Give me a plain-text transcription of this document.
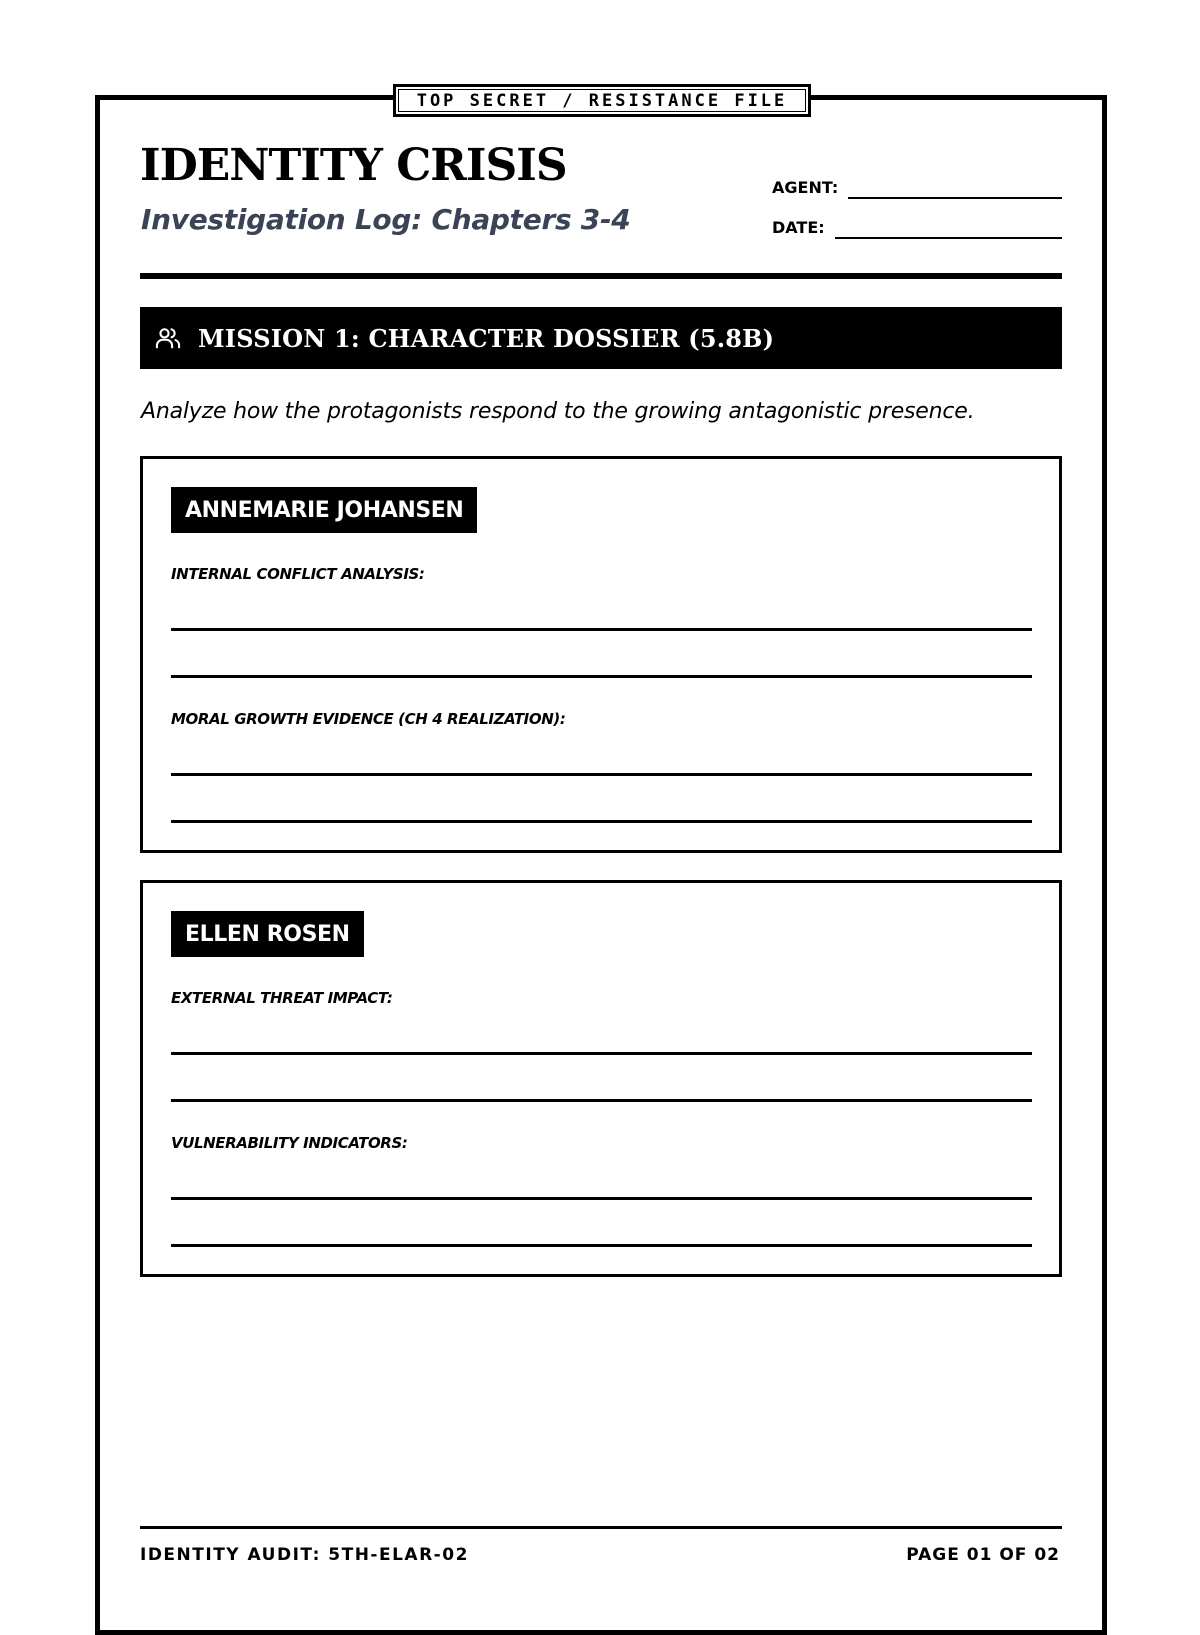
TOP SECRET / RESISTANCE FILE
IDENTITY CRISIS
Investigation Log: Chapters 3-4
AGENT:
DATE:
MISSION 1: CHARACTER DOSSIER (5.8B)
Analyze how the protagonists respond to the growing antagonistic presence.
ANNEMARIE JOHANSEN
INTERNAL CONFLICT ANALYSIS:
MORAL GROWTH EVIDENCE (CH 4 REALIZATION):
ELLEN ROSEN
EXTERNAL THREAT IMPACT:
VULNERABILITY INDICATORS:
IDENTITY AUDIT: 5TH-ELAR-02	PAGE 01 OF 02
